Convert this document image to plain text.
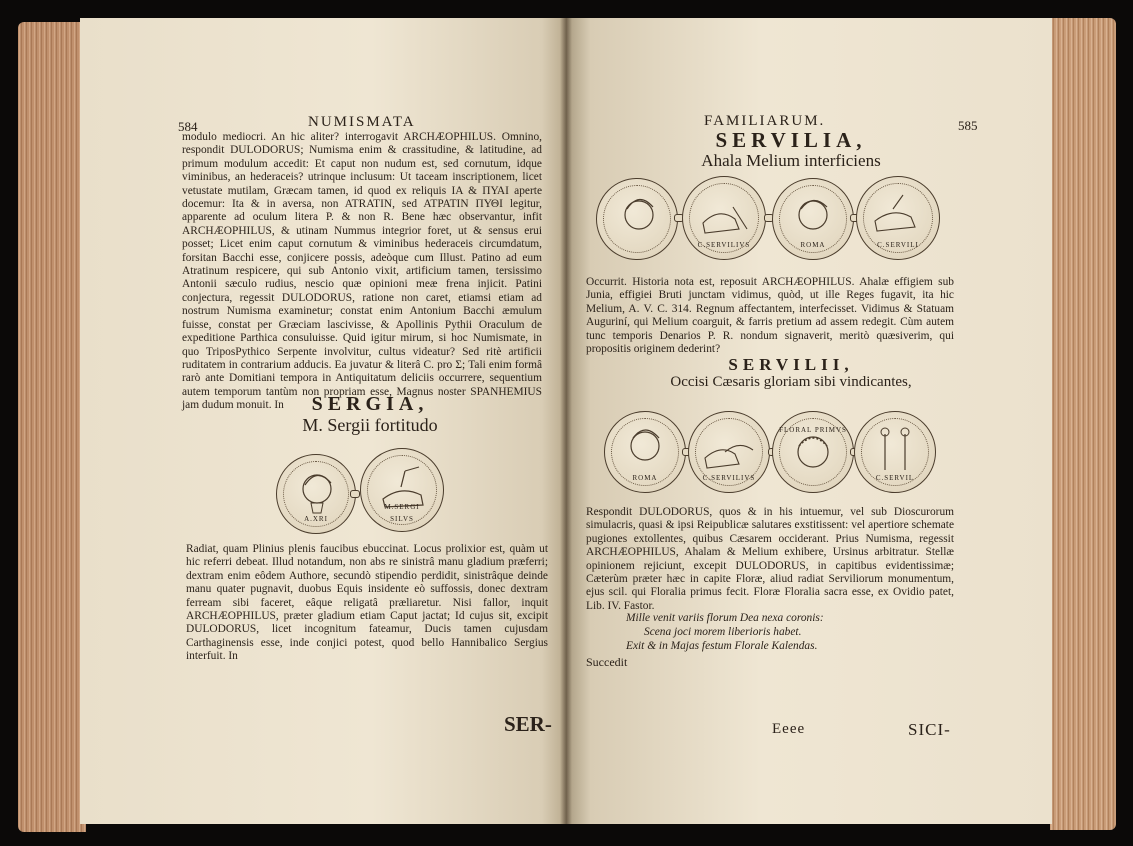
584	NUMISMATA

modulo mediocri. An hic aliter? interrogavit ARCHÆOPHILUS. Omnino, respondit DULODORUS; Numisma enim & crassitudine, & latitudine, ad primum modulum accedit: Et caput non nudum est, sed cornutum, idque viminibus, an hederaceis? utrinque inclusum: Ut taceam inscriptionem, licet vetustate mutilam, Græcam tamen, id quod ex reliquis ΙΑ & ΠΥΑΙ aperte docemur: Ita & in aversa, non ATRATIN, sed ATPATIN ΠΥΘΙ legitur, apparente ad oculum litera P. & non R. Bene hæc observantur, infit ARCHÆOPHILUS, & utinam Nummus integrior foret, ut & sensus erui posset; Licet enim caput cornutum & viminibus hederaceis circumdatum, forsitan Bacchi esse, conjicere possis, adeòque cum Illust. Patino ad eum Atratinum respicere, qui sub Antonio vixit, artificium tamen, tersissimo Antonii sæculo rudius, nescio quæ opinioni meæ frena injicit. Patini conjectura, regessit DULODORUS, ratione non caret, etiamsi etiam ad nostrum Numisma examinetur; constat enim Antonium Bacchi æmulum fuisse, constat per Græciam lascivisse, & Apollinis Pythii Oraculum de expeditione Parthica consuluisse. Quid igitur mirum, si hoc Numismate, in quo TriposPythico Serpente involvitur, cultus videatur? Sed ritè artificii ruditatem in contrarium adducis. Ea juvatur & literâ C. pro Σ; Tali enim formâ rarò ante Domitiani tempora in Antiquitatum deliciis occurrere, sequentium autem temporum tantùm non propriam esse, Magnus noster SPANHEMIUS jam dudum monuit. In	SERGIA,
M. Sergii fortitudo
A.XRI
M.SERGI
SILVS

Radiat, quam Plinius plenis faucibus ebuccinat. Locus prolixior est, quàm ut hic referri debeat. Illud notandum, non abs re sinistrâ manu gladium præferri; dextram enim eôdem Authore, secundò stipendio perdidit, sinistrâque deinde manu quater pugnavit, duobus Equis insidente eò suffossis, donec dextram ferream sibi faceret, eâque religatâ præliaretur. Nisi fallor, inquit ARCHÆOPHILUS, præter gladium etiam Caput jactat; Id cujus sit, excipit DULODORUS, licet incognitum fateamur, Ducis tamen cujusdam Carthaginensis esse, inde conjici potest, quod bello Hannibalico Sergius interfuit. In

SER-
FAMILIARUM.	585
SERVILIA,
Ahala Melium interficiens
C.SERVILIVS	ROMA	C.SERVILI

Occurrit. Historia nota est, reposuit ARCHÆOPHILUS. Ahalæ effigiem sub Junia, effigiei Bruti junctam vidimus, quòd, ut ille Reges fugavit, ita hic Melium, A. V. C. 314. Regnum affectantem, interfecisset. Vidimus & Statuam Auguriní, qui Melium coarguit, & farris pretium ad assem redegit. Cùm autem tunc temporis Denarios P. R. nondum signaverit, meritò quæsiverim, qui propositis originem dederint?

SERVILII,
Occisi Cæsaris gloriam sibi vindicantes,
ROMA	C.SERVILIVS
FLORAL PRIMVS
C.SERVIL

Respondit DULODORUS, quos & in his intuemur, vel sub Dioscurorum simulacris, quasi & ipsi Reipublicæ salutares exstitissent: vel apertiore schemate pugiones extollentes, quibus Cæsarem occiderant. Prius Numisma, regessit ARCHÆOPHILUS, Ahalam & Melium exhibere, Ursinus arbitratur. Stellæ opinionem rejiciunt, excepit DULODORUS, in capitibus evidentissimæ; Cæterùm præter hæc in capite Floræ, aliud radiat Serviliorum monumentum, ejus scil. qui Floralia primus fecit. Floræ Floralia sacra esse, ex Ovidio patet, Lib. IV. Fastor.

Mille venit variis florum Dea nexa coronis:

Scena joci morem liberioris habet.

Exit & in Majas festum Florale Kalendas.

Succedit
Eeee	SICI-
